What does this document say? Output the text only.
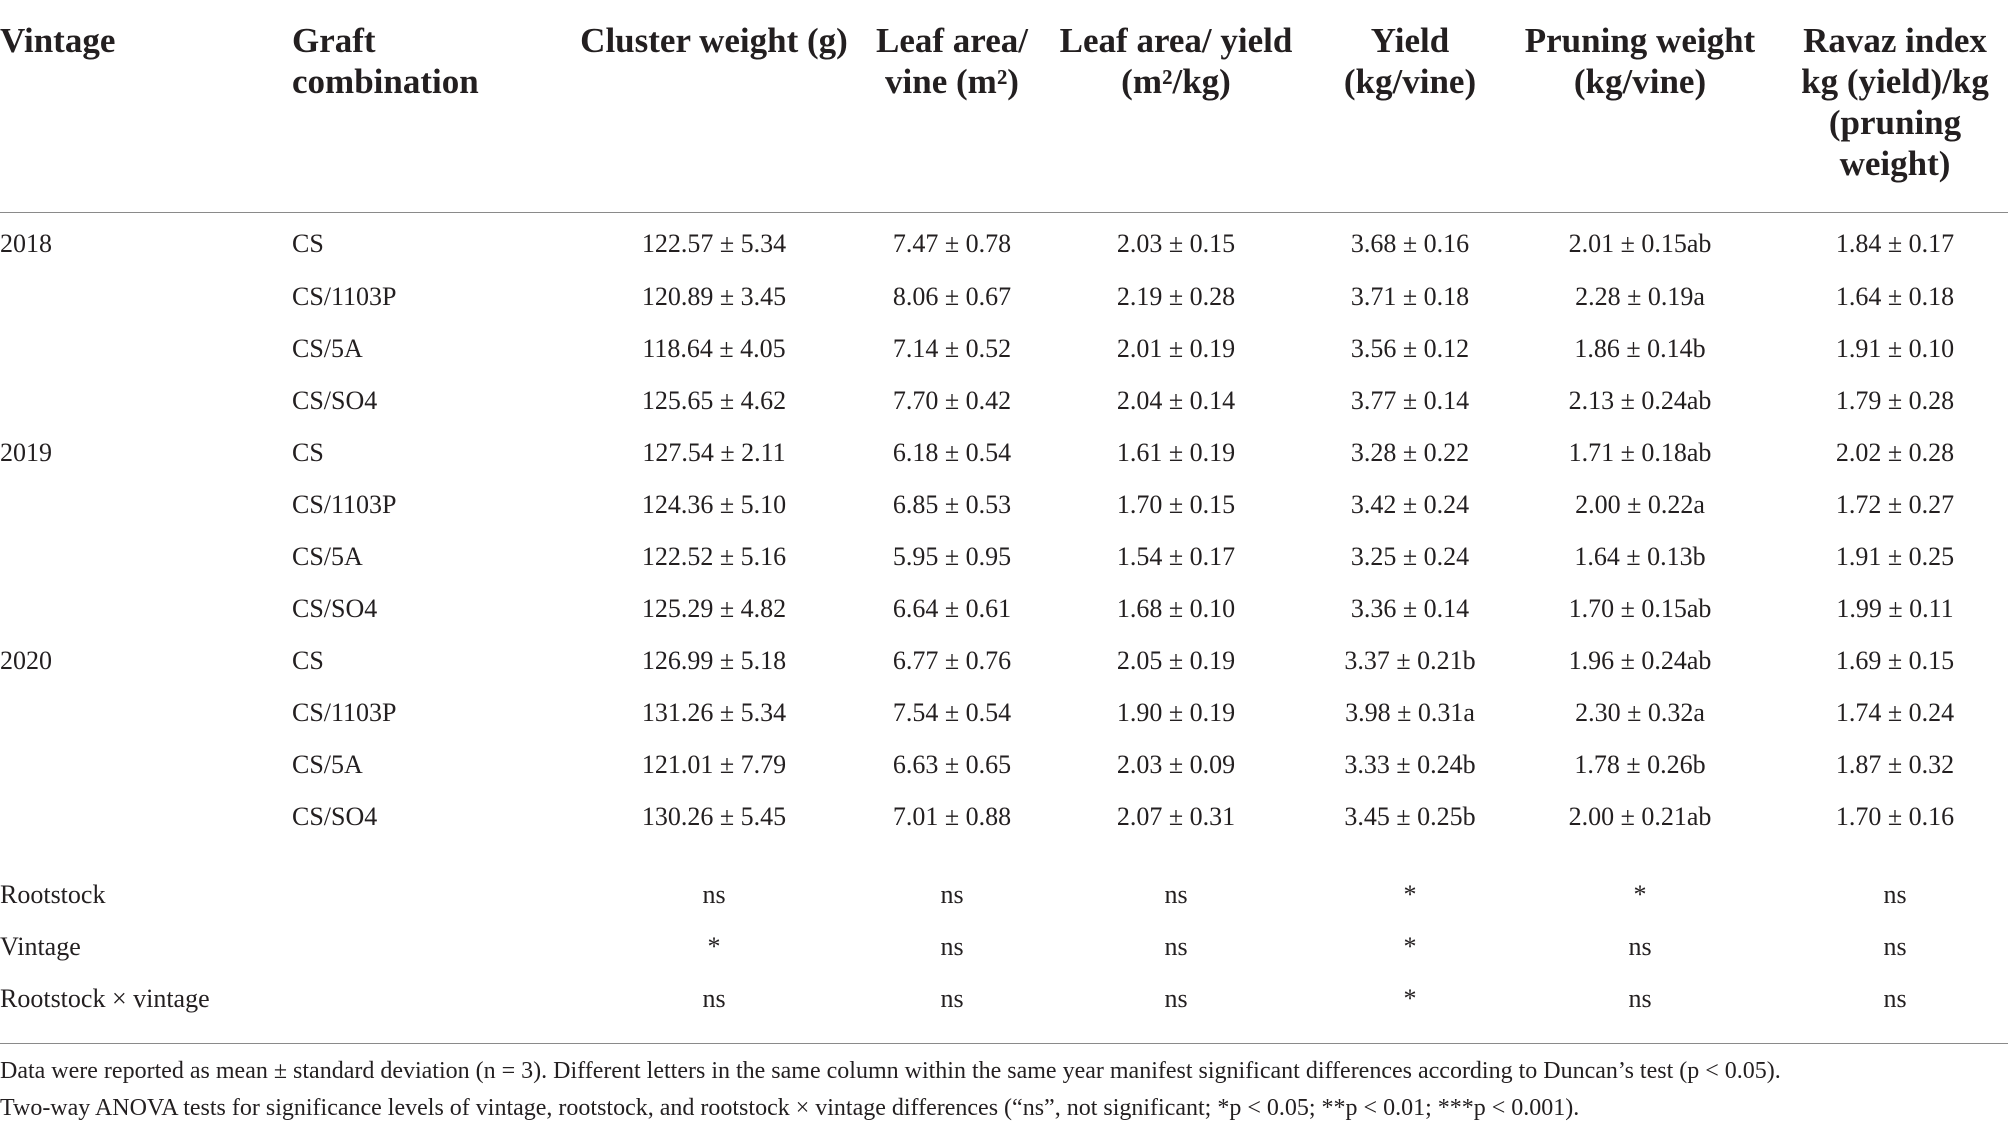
Vintage	Graft combination	Cluster weight (g)	Leaf area/ vine (m²)	Leaf area/ yield (m²/kg)	Yield (kg/vine)	Pruning weight (kg/vine)	Ravaz index kg (yield)/kg (pruning weight)
2018	CS	122.57 ± 5.34	7.47 ± 0.78	2.03 ± 0.15	3.68 ± 0.16	2.01 ± 0.15ab	1.84 ± 0.17
	CS/1103P	120.89 ± 3.45	8.06 ± 0.67	2.19 ± 0.28	3.71 ± 0.18	2.28 ± 0.19a	1.64 ± 0.18
	CS/5A	118.64 ± 4.05	7.14 ± 0.52	2.01 ± 0.19	3.56 ± 0.12	1.86 ± 0.14b	1.91 ± 0.10
	CS/SO4	125.65 ± 4.62	7.70 ± 0.42	2.04 ± 0.14	3.77 ± 0.14	2.13 ± 0.24ab	1.79 ± 0.28
2019	CS	127.54 ± 2.11	6.18 ± 0.54	1.61 ± 0.19	3.28 ± 0.22	1.71 ± 0.18ab	2.02 ± 0.28
	CS/1103P	124.36 ± 5.10	6.85 ± 0.53	1.70 ± 0.15	3.42 ± 0.24	2.00 ± 0.22a	1.72 ± 0.27
	CS/5A	122.52 ± 5.16	5.95 ± 0.95	1.54 ± 0.17	3.25 ± 0.24	1.64 ± 0.13b	1.91 ± 0.25
	CS/SO4	125.29 ± 4.82	6.64 ± 0.61	1.68 ± 0.10	3.36 ± 0.14	1.70 ± 0.15ab	1.99 ± 0.11
2020	CS	126.99 ± 5.18	6.77 ± 0.76	2.05 ± 0.19	3.37 ± 0.21b	1.96 ± 0.24ab	1.69 ± 0.15
	CS/1103P	131.26 ± 5.34	7.54 ± 0.54	1.90 ± 0.19	3.98 ± 0.31a	2.30 ± 0.32a	1.74 ± 0.24
	CS/5A	121.01 ± 7.79	6.63 ± 0.65	2.03 ± 0.09	3.33 ± 0.24b	1.78 ± 0.26b	1.87 ± 0.32
	CS/SO4	130.26 ± 5.45	7.01 ± 0.88	2.07 ± 0.31	3.45 ± 0.25b	2.00 ± 0.21ab	1.70 ± 0.16

Rootstock		ns	ns	ns	*	*	ns
Vintage		*	ns	ns	*	ns	ns
Rootstock × vintage		ns	ns	ns	*	ns	ns

Data were reported as mean ± standard deviation (n = 3). Different letters in the same column within the same year manifest significant differences according to Duncan’s test (p < 0.05).

Two-way ANOVA tests for significance levels of vintage, rootstock, and rootstock × vintage differences (“ns”, not significant; *p < 0.05; **p < 0.01; ***p < 0.001).
